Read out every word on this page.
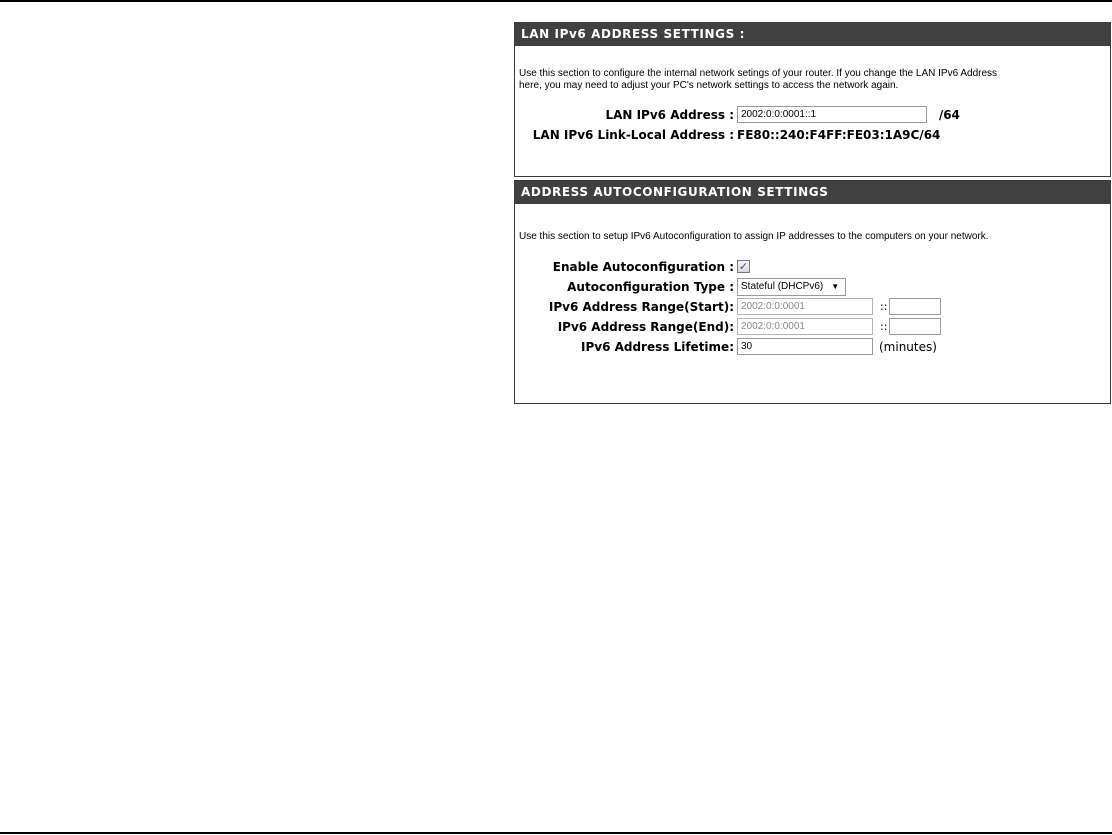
LAN IPv6 ADDRESS SETTINGS :

Use this section to configure the internal network setings of your router. If you change the LAN IPv6 Address

here, you may need to adjust your PC's network settings to access the network again.

LAN IPv6 Address :
2002:0:0:0001::1	/64
LAN IPv6 Link-Local Address : FE80::240:F4FF:FE03:1A9C/64
ADDRESS AUTOCONFIGURATION SETTINGS

Use this section to setup IPv6 Autoconfiguration to assign IP addresses to the computers on your network.

Enable Autoconfiguration : ✓
Autoconfiguration Type : Stateful (DHCPv6) ▼
IPv6 Address Range(Start):
2002:0:0:0001	::
IPv6 Address Range(End):
2002:0:0:0001	::
IPv6 Address Lifetime:
30	(minutes)
